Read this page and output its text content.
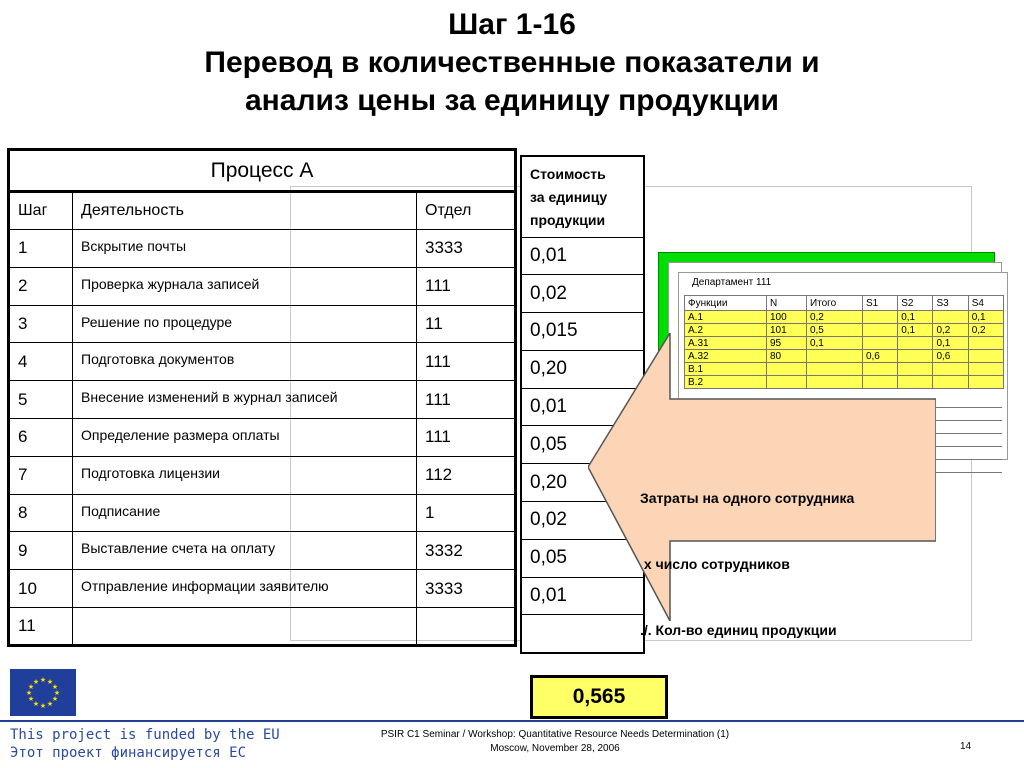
Шаг 1-16
Перевод в количественные показатели и
анализ цены за единицу продукции
Процесс А		
Шаг	Деятельность	Отдел
1	Вскрытие почты	3333
2	Проверка журнала записей	111
3	Решение по процедуре	11
4	Подготовка документов	111
5	Внесение изменений в журнал записей	111
6	Определение размера оплаты	111
7	Подготовка лицензии	112
8	Подписание	1
9	Выставление счета на оплату	3332
10	Отправление информации заявителю	3333
11		
Стоимость
за единицу
продукции

0,01
0,02
0,015
0,20
0,01
0,05
0,20
0,02
0,05
0,01

0,565
Департамент 111
Функции	N	Итого	S1	S2	S3	S4
A.1	100	0,2		0,1		0,1
A.2	101	0,5		0,1	0,2	0,2
A.31	95	0,1			0,1	
A.32	80		0,6		0,6	
B.1						
B.2						

Затраты на одного сотрудника

х число сотрудников

./. Кол-во единиц продукции

★ ★
★
★
★
★
★
★
★
★
★
★
This project is funded by the EU
Этот проект финансируется ЕС
PSIR C1 Seminar / Workshop: Quantitative Resource Needs Determination (1)
Moscow, November 28, 2006	14
